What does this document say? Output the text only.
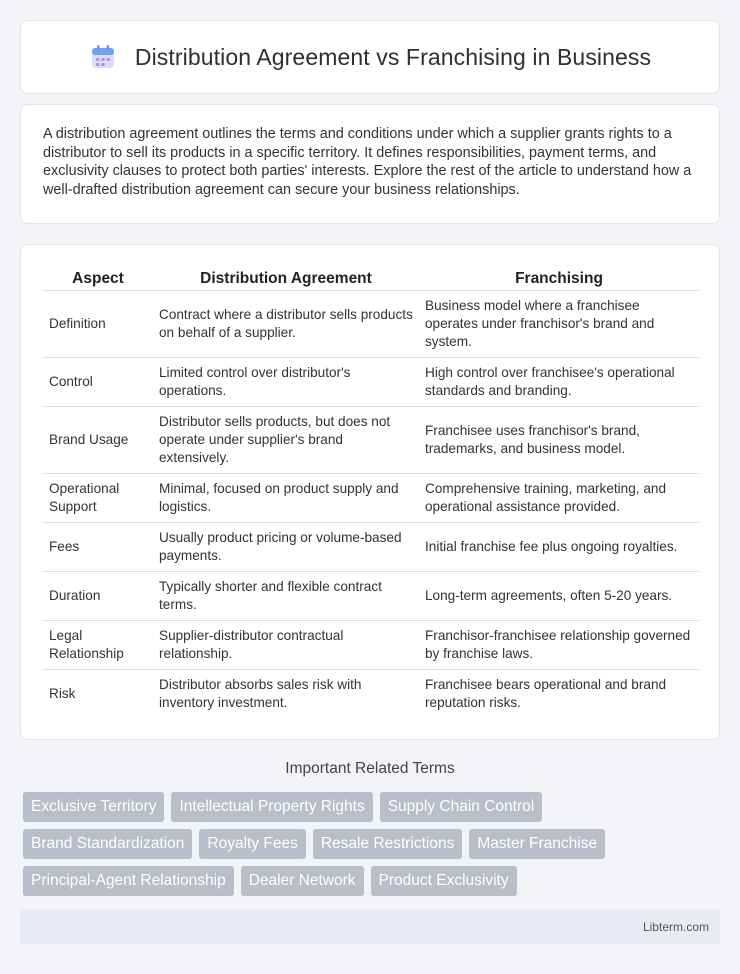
Distribution Agreement vs Franchising in Business

A distribution agreement outlines the terms and conditions under which a supplier grants rights to a distributor to sell its products in a specific territory. It defines responsibilities, payment terms, and exclusivity clauses to protect both parties' interests. Explore the rest of the article to understand how a well-drafted distribution agreement can secure your business relationships.

Aspect	Distribution Agreement	Franchising
Definition	Contract where a distributor sells products on behalf of a supplier.	Business model where a franchisee operates under franchisor's brand and system.
Control	Limited control over distributor's operations.	High control over franchisee's operational standards and branding.
Brand Usage	Distributor sells products, but does not operate under supplier's brand extensively.	Franchisee uses franchisor's brand, trademarks, and business model.
Operational Support	Minimal, focused on product supply and logistics.	Comprehensive training, marketing, and operational assistance provided.
Fees	Usually product pricing or volume-based payments.	Initial franchise fee plus ongoing royalties.
Duration	Typically shorter and flexible contract terms.	Long-term agreements, often 5-20 years.
Legal Relationship	Supplier-distributor contractual relationship.	Franchisor-franchisee relationship governed by franchise laws.
Risk	Distributor absorbs sales risk with inventory investment.	Franchisee bears operational and brand reputation risks.
Important Related Terms
Exclusive Territory	Intellectual Property Rights	Supply Chain Control
Brand Standardization	Royalty Fees	Resale Restrictions	Master Franchise
Principal-Agent Relationship	Dealer Network	Product Exclusivity
Libterm.com
